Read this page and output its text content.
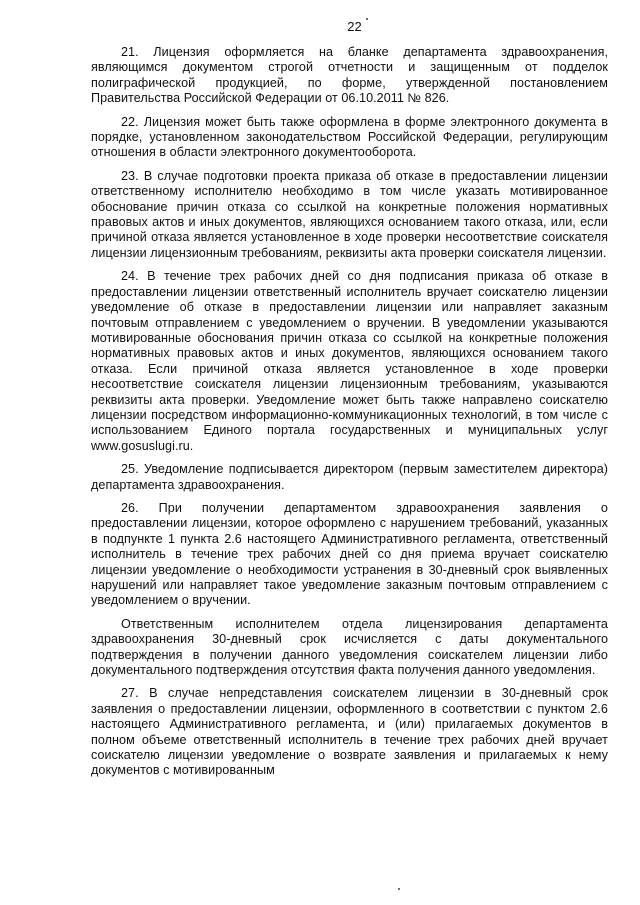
22

21. Лицензия оформляется на бланке департамента здравоохранения, являющимся документом строгой отчетности и защищенным от подделок полиграфической продукцией, по форме, утвержденной постановлением Правительства Российской Федерации от 06.10.2011 № 826.

22. Лицензия может быть также оформлена в форме электронного документа в порядке, установленном законодательством Российской Федерации, регулирующим отношения в области электронного документооборота.

23. В случае подготовки проекта приказа об отказе в предоставлении лицензии ответственному исполнителю необходимо в том числе указать мотивированное обоснование причин отказа со ссылкой на конкретные положения нормативных правовых актов и иных документов, являющихся основанием такого отказа, или, если причиной отказа является установленное в ходе проверки несоответствие соискателя лицензии лицензионным требованиям, реквизиты акта проверки соискателя лицензии.

24. В течение трех рабочих дней со дня подписания приказа об отказе в предоставлении лицензии ответственный исполнитель вручает соискателю лицензии уведомление об отказе в предоставлении лицензии или направляет заказным почтовым отправлением с уведомлением о вручении. В уведомлении указываются мотивированные обоснования причин отказа со ссылкой на конкретные положения нормативных правовых актов и иных документов, являющихся основанием такого отказа. Если причиной отказа является установленное в ходе проверки несоответствие соискателя лицензии лицензионным требованиям, указываются реквизиты акта проверки. Уведомление может быть также направлено соискателю лицензии посредством информационно-коммуникационных технологий, в том числе с использованием Единого портала государственных и муниципальных услуг www.gosuslugi.ru.

25. Уведомление подписывается директором (первым заместителем директора) департамента здравоохранения.

26. При получении департаментом здравоохранения заявления о предоставлении лицензии, которое оформлено с нарушением требований, указанных в подпункте 1 пункта 2.6 настоящего Административного регламента, ответственный исполнитель в течение трех рабочих дней со дня приема вручает соискателю лицензии уведомление о необходимости устранения в 30-дневный срок выявленных нарушений или направляет такое уведомление заказным почтовым отправлением с уведомлением о вручении.

Ответственным исполнителем отдела лицензирования департамента здравоохранения 30-дневный срок исчисляется с даты документального подтверждения в получении данного уведомления соискателем лицензии либо документального подтверждения отсутствия факта получения данного уведомления.

27. В случае непредставления соискателем лицензии в 30-дневный срок заявления о предоставлении лицензии, оформленного в соответствии с пунктом 2.6 настоящего Административного регламента, и (или) прилагаемых документов в полном объеме ответственный исполнитель в течение трех рабочих дней вручает соискателю лицензии уведомление о возврате заявления и прилагаемых к нему документов с мотивированным
